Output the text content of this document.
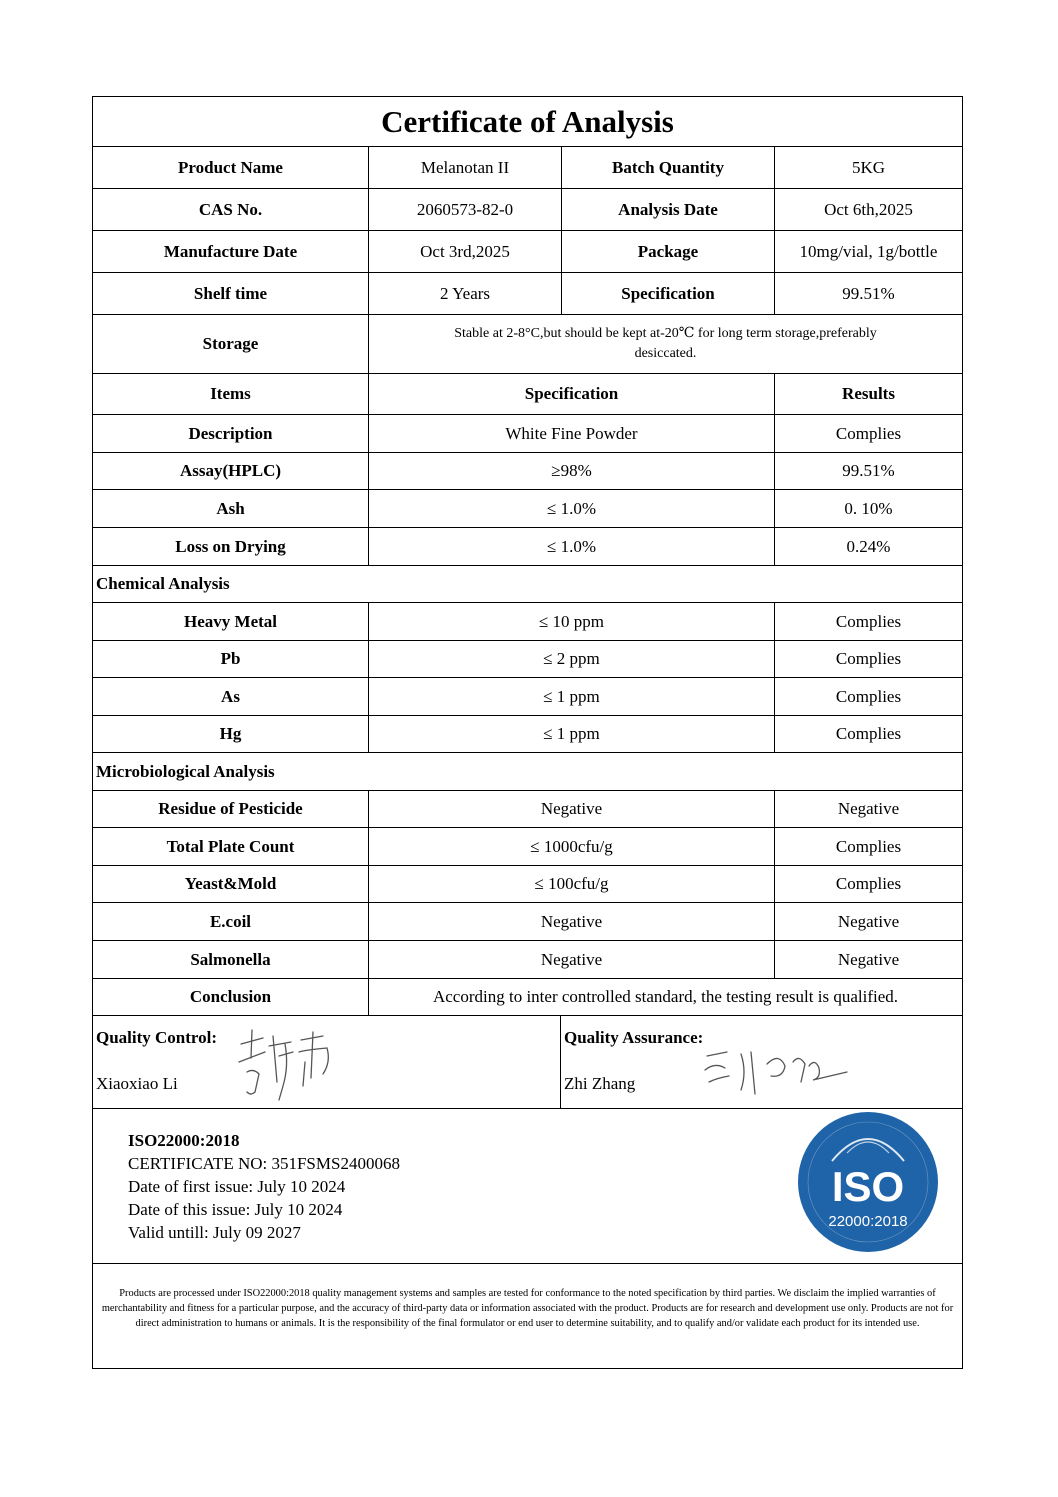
Certificate of Analysis
Product Name	Melanotan II	Batch Quantity	5KG
CAS No.	2060573-82-0	Analysis Date	Oct 6th,2025
Manufacture Date	Oct 3rd,2025	Package	10mg/vial, 1g/bottle
Shelf time	2 Years	Specification	99.51%
Storage
Stable at 2-8°C,but should be kept at-20℃ for long term storage,preferably desiccated.
Items	Specification	Results
Description	White Fine Powder	Complies
Assay(HPLC)	≥98%	99.51%
Ash	≤ 1.0%	0. 10%
Loss on Drying	≤ 1.0%	0.24%
Chemical Analysis
Heavy Metal	≤ 10 ppm	Complies
Pb	≤ 2 ppm	Complies
As	≤ 1 ppm	Complies
Hg	≤ 1 ppm	Complies
Microbiological Analysis
Residue of Pesticide	Negative	Negative
Total Plate Count	≤ 1000cfu/g	Complies
Yeast&Mold	≤ 100cfu/g	Complies
E.coil	Negative	Negative
Salmonella	Negative	Negative
Conclusion	According to inter controlled standard, the testing result is qualified.
Quality Control:
Xiaoxiao Li
Quality Assurance:
Zhi Zhang
ISO22000:2018
CERTIFICATE NO: 351FSMS2400068
Date of first issue: July 10 2024
Date of this issue: July 10 2024
Valid untill: July 09 2027
ISO
22000:2018
Products are processed under ISO22000:2018 quality management systems and samples are tested for conformance to the noted specification by third parties. We disclaim the implied warranties of merchantability and fitness for a particular purpose, and the accuracy of third-party data or information associated with the product. Products are for research and development use only. Products are not for direct administration to humans or animals. It is the responsibility of the final formulator or end user to determine suitability, and to qualify and/or validate each product for its intended use.
